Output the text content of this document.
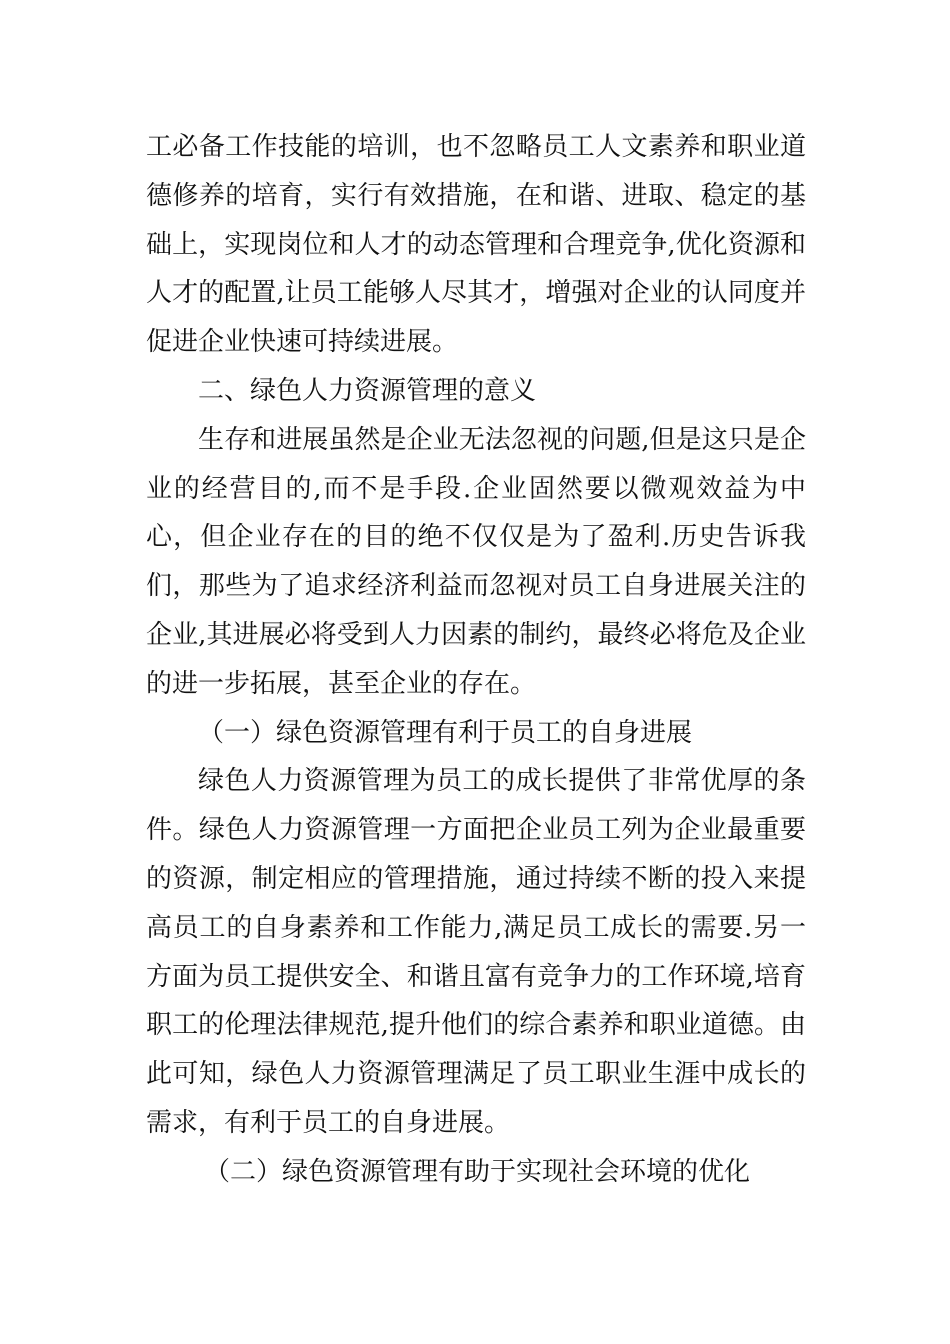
工必备工作技能的培训，也不忽略员工人文素养和职业道德修养的培育，实行有效措施，在和谐、进取、稳定的基础上，实现岗位和人才的动态管理和合理竞争,优化资源和人才的配置,让员工能够人尽其才，增强对企业的认同度并促进企业快速可持续进展。

二、绿色人力资源管理的意义

生存和进展虽然是企业无法忽视的问题,但是这只是企业的经营目的,而不是手段.企业固然要以微观效益为中心，但企业存在的目的绝不仅仅是为了盈利.历史告诉我们，那些为了追求经济利益而忽视对员工自身进展关注的企业,其进展必将受到人力因素的制约，最终必将危及企业的进一步拓展，甚至企业的存在。

（一）绿色资源管理有利于员工的自身进展

绿色人力资源管理为员工的成长提供了非常优厚的条件。绿色人力资源管理一方面把企业员工列为企业最重要的资源，制定相应的管理措施，通过持续不断的投入来提高员工的自身素养和工作能力,满足员工成长的需要.另一方面为员工提供安全、和谐且富有竞争力的工作环境,培育职工的伦理法律规范,提升他们的综合素养和职业道德。由此可知，绿色人力资源管理满足了员工职业生涯中成长的需求，有利于员工的自身进展。

（二）绿色资源管理有助于实现社会环境的优化
